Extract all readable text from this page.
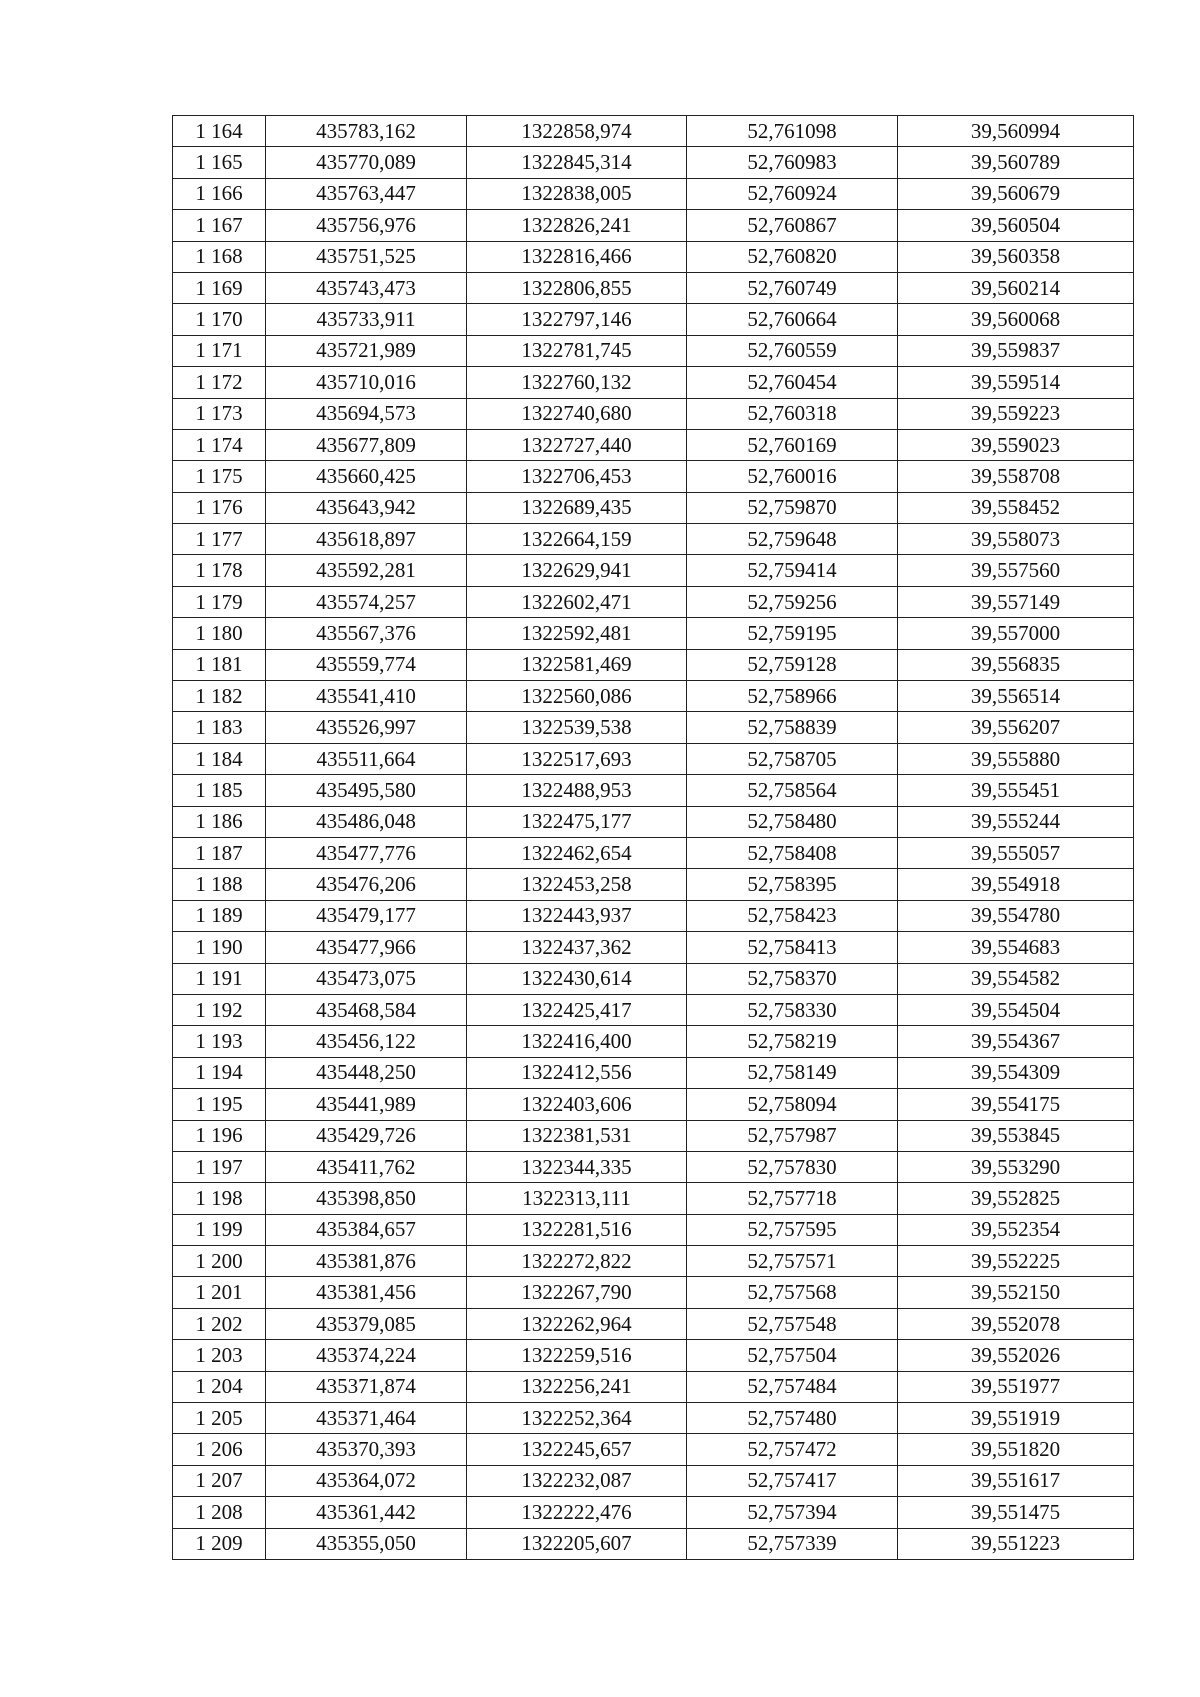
1 164	435783,162	1322858,974	52,761098	39,560994
1 165	435770,089	1322845,314	52,760983	39,560789
1 166	435763,447	1322838,005	52,760924	39,560679
1 167	435756,976	1322826,241	52,760867	39,560504
1 168	435751,525	1322816,466	52,760820	39,560358
1 169	435743,473	1322806,855	52,760749	39,560214
1 170	435733,911	1322797,146	52,760664	39,560068
1 171	435721,989	1322781,745	52,760559	39,559837
1 172	435710,016	1322760,132	52,760454	39,559514
1 173	435694,573	1322740,680	52,760318	39,559223
1 174	435677,809	1322727,440	52,760169	39,559023
1 175	435660,425	1322706,453	52,760016	39,558708
1 176	435643,942	1322689,435	52,759870	39,558452
1 177	435618,897	1322664,159	52,759648	39,558073
1 178	435592,281	1322629,941	52,759414	39,557560
1 179	435574,257	1322602,471	52,759256	39,557149
1 180	435567,376	1322592,481	52,759195	39,557000
1 181	435559,774	1322581,469	52,759128	39,556835
1 182	435541,410	1322560,086	52,758966	39,556514
1 183	435526,997	1322539,538	52,758839	39,556207
1 184	435511,664	1322517,693	52,758705	39,555880
1 185	435495,580	1322488,953	52,758564	39,555451
1 186	435486,048	1322475,177	52,758480	39,555244
1 187	435477,776	1322462,654	52,758408	39,555057
1 188	435476,206	1322453,258	52,758395	39,554918
1 189	435479,177	1322443,937	52,758423	39,554780
1 190	435477,966	1322437,362	52,758413	39,554683
1 191	435473,075	1322430,614	52,758370	39,554582
1 192	435468,584	1322425,417	52,758330	39,554504
1 193	435456,122	1322416,400	52,758219	39,554367
1 194	435448,250	1322412,556	52,758149	39,554309
1 195	435441,989	1322403,606	52,758094	39,554175
1 196	435429,726	1322381,531	52,757987	39,553845
1 197	435411,762	1322344,335	52,757830	39,553290
1 198	435398,850	1322313,111	52,757718	39,552825
1 199	435384,657	1322281,516	52,757595	39,552354
1 200	435381,876	1322272,822	52,757571	39,552225
1 201	435381,456	1322267,790	52,757568	39,552150
1 202	435379,085	1322262,964	52,757548	39,552078
1 203	435374,224	1322259,516	52,757504	39,552026
1 204	435371,874	1322256,241	52,757484	39,551977
1 205	435371,464	1322252,364	52,757480	39,551919
1 206	435370,393	1322245,657	52,757472	39,551820
1 207	435364,072	1322232,087	52,757417	39,551617
1 208	435361,442	1322222,476	52,757394	39,551475
1 209	435355,050	1322205,607	52,757339	39,551223
